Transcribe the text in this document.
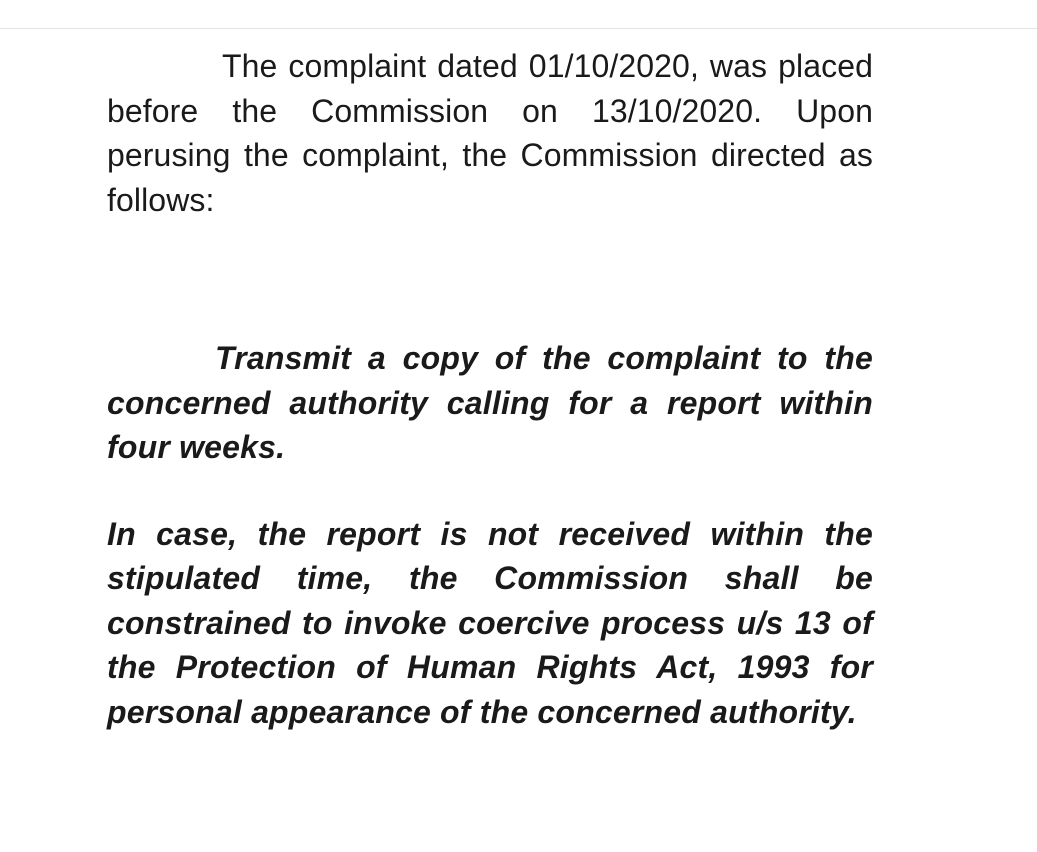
The complaint dated 01/10/2020, was placed before the Commission on 13/10/2020. Upon perusing the complaint, the Commission directed as follows:

Transmit a copy of the complaint to the concerned authority calling for a report within four weeks.

In case, the report is not received within the stipulated time, the Commission shall be constrained to invoke coercive process u/s 13 of the Protection of Human Rights Act, 1993 for personal appearance of the concerned authority.
